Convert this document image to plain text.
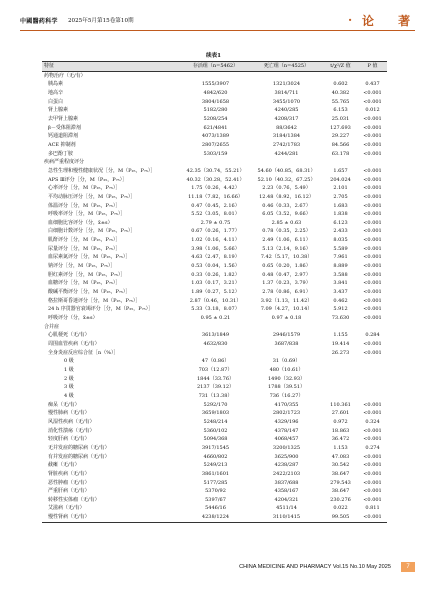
中國醫药科学 2025年5月第15卷第10期	· 论 著
续表1
特征	存活组（n=5462）	死亡组（n=4525）	t/χ²/Z 值	P 值
药物治疗（无/有）				
胰岛素	1555/3907	1321/3024	0.602	0.437
地高辛	4842/620	3814/711	40.382	<0.001
白蛋白	3804/1658	3455/1070	55.765	<0.001
肾上腺素	5182/280	4240/285	6.153	0.012
去甲肾上腺素	5208/254	4208/317	25.031	<0.001
β－受体阻滞剂	621/4841	88/3642	127.693	<0.001
钙通道阻滞剂	4073/1389	3184/1384	29.227	<0.001
ACE 抑制剂	2807/2655	2742/1783	84.566	<0.001
多巴酚丁胺	5303/159	4244/281	63.178	<0.001
疾病严重程度评分				
急性生理和慢性健康状况［分，M（P₂₅，P₇₅）］	42.35（30.74，55.21）	54.60（40.85，68.31）	1.657	<0.001
APS Ⅲ评分［分，M（P₂₅，P₇₅）］	40.32（30.28，52.41）	52.10（40.32，67.25）	204.024	<0.001
心率评分［分，M（P₂₅，P₇₅）］	1.75（0.26，4.42）	2.23（0.76，5.49）	2.101	<0.001
平均动脉压评分［分，M（P₂₅，P₇₅）］	11.18（7.82，16.66）	12.48（8.92，16.12）	2.705	<0.001
体温评分［分，M（P₂₅，P₇₅）］	0.47（0.45，2.16）	0.46（0.33，2.67）	1.683	<0.001
呼吸率评分［分，M（P₂₅，P₇₅）］	5.52（3.05，8.01）	6.05（3.52，9.66）	1.838	<0.001
血细胞比容评分（分，x̄±s）	2.79 ± 0.75	2.85 ± 0.63	6.123	<0.001
白细胞计数评分［分，M（P₂₅，P₇₅）］	0.67（0.26，1.77）	0.78（0.35，2.25）	2.433	<0.001
肌酐评分［分，M（P₂₅，P₇₅）］	1.02（0.16，4.11）	2.49（1.06，6.11）	8.035	<0.001
尿量评分［分，M（P₂₅，P₇₅）］	3.98（1.06，5.66）	5.13（2.14，9.16）	5.589	<0.001
血尿素氮评分［分，M（P₂₅，P₇₅）］	4.63（2.47，8.19）	7.42（5.17，10.38）	7.961	<0.001
钠评分［分，M（P₂₅，P₇₅）］	0.53（0.04，1.56）	0.65（0.20，1.86）	8.889	<0.001
胆红素评分［分，M（P₂₅，P₇₅）］	0.33（0.26，1.82）	0.48（0.47，2.97）	3.588	<0.001
血糖评分［分，M（P₂₅，P₇₅）］	1.03（0.17，3.21）	1.37（0.23，3.79）	3.841	<0.001
酸碱平衡评分［分，M（P₂₅，P₇₅）］	1.89（0.27，5.12）	2.78（0.86，6.91）	3.437	<0.001
格拉斯哥昏迷评分［分，M（P₂₅，P₇₅）］	2.87（0.46，10.31）	3.92（1.13，11.42）	0.462	<0.001
24 h 序贯器官衰竭评分［分，M（P₂₅，P₇₅）］	5.33（3.18，8.07）	7.09（4.27，10.14）	5.912	<0.001
呼吸评分（分，x̄±s）	0.95 ± 0.21	0.97 ± 0.18	73.630	<0.001
合并症				
心肌梗死（无/有）	3613/1849	2946/1579	1.155	0.284
周围血管疾病（无/有）	4632/830	3687/838	19.414	<0.001
全身炎症反应综合征［n（%）］			26.273	<0.001
0 级	47（0.86）	31（0.69）		
1 级	703（12.87）	480（10.61）		
2 级	1844（33.76）	1490（32.93）		
3 级	2137（39.12）	1788（39.51）		
4 级	731（13.38）	736（16.27）		
痴呆（无/有）	5292/170	4170/355	110.361	<0.001
慢性肺病（无/有）	3659/1803	2802/1723	27.601	<0.001
风湿性疾病（无/有）	5248/214	4329/196	0.972	0.324
消化性溃疡（无/有）	5360/102	4378/147	18.863	<0.001
轻度肝病（无/有）	5094/368	4068/457	36.472	<0.001
无并发症的糖尿病（无/有）	3917/1545	3200/1325	1.153	0.274
有并发症的糖尿病（无/有）	4660/802	3625/900	47.083	<0.001
截瘫（无/有）	5249/213	4238/287	30.542	<0.001
肾脏疾病（无/有）	3861/1601	2422/2103	38.647	<0.001
恶性肿瘤（无/有）	5177/285	3837/688	279.543	<0.001
严重肝病（无/有）	5370/92	4358/167	38.647	<0.001
转移性实体瘤（无/有）	5397/67	4204/321	230.276	<0.001
艾滋病（无/有）	5446/16	4511/14	0.022	0.811
慢性肾病（无/有）	4238/1224	3110/1415	99.505	<0.001
CHINA MEDICINE AND PHARMACY Vol.15 No.10 May 2025	7
